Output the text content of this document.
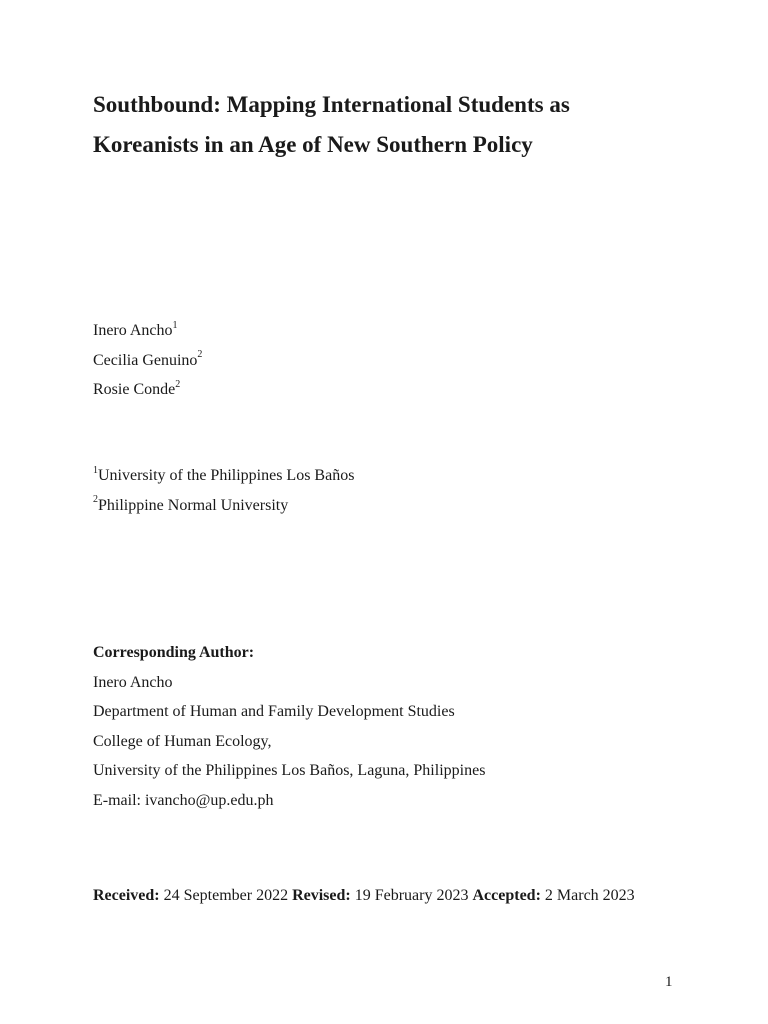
Southbound: Mapping International Students as
Koreanists in an Age of New Southern Policy
Inero Ancho$^1$
Cecilia Genuino$^2$
Rosie Conde$^2$
$^1$University of the Philippines Los Baños
$^2$Philippine Normal University
Corresponding Author:
Inero Ancho
Department of Human and Family Development Studies
College of Human Ecology,
University of the Philippines Los Baños, Laguna, Philippines
E-mail: ivancho@up.edu.ph
Received: 24 September 2022 Revised: 19 February 2023 Accepted: 2 March 2023
1
